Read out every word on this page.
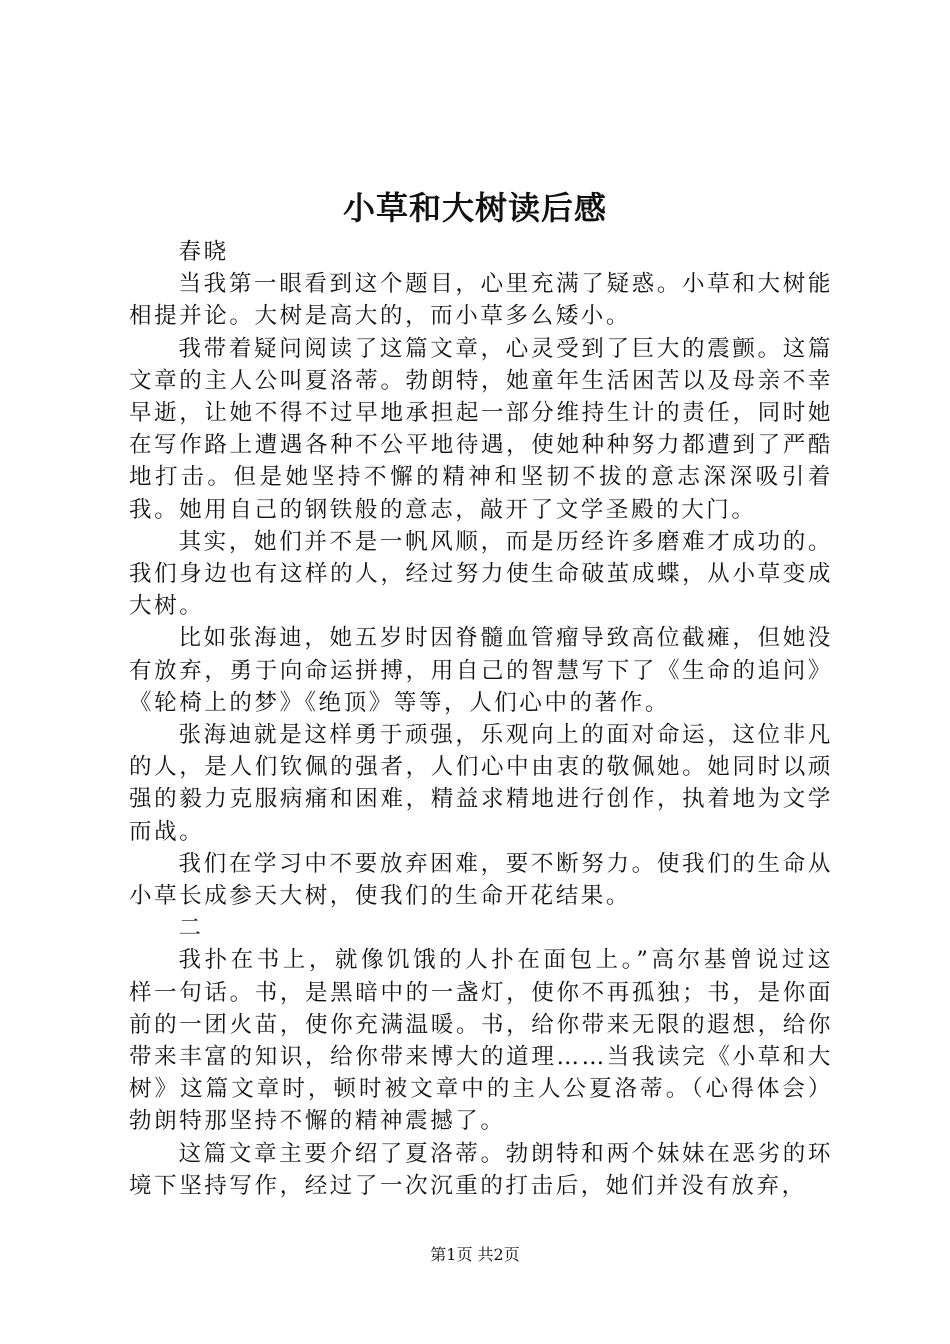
小草和大树读后感

春晓

当我第一眼看到这个题目，心里充满了疑惑。小草和大树能相提并论。大树是高大的，而小草多么矮小。

我带着疑问阅读了这篇文章，心灵受到了巨大的震颤。这篇文章的主人公叫夏洛蒂。勃朗特，她童年生活困苦以及母亲不幸早逝，让她不得不过早地承担起一部分维持生计的责任，同时她在写作路上遭遇各种不公平地待遇，使她种种努力都遭到了严酷地打击。但是她坚持不懈的精神和坚韧不拔的意志深深吸引着我。她用自己的钢铁般的意志，敲开了文学圣殿的大门。

其实，她们并不是一帆风顺，而是历经许多磨难才成功的。我们身边也有这样的人，经过努力使生命破茧成蝶，从小草变成大树。

比如张海迪，她五岁时因脊髓血管瘤导致高位截瘫，但她没有放弃，勇于向命运拼搏，用自己的智慧写下了《生命的追问》《轮椅上的梦》《绝顶》等等，人们心中的著作。

张海迪就是这样勇于顽强，乐观向上的面对命运，这位非凡的人，是人们钦佩的强者，人们心中由衷的敬佩她。她同时以顽强的毅力克服病痛和困难，精益求精地进行创作，执着地为文学而战。

我们在学习中不要放弃困难，要不断努力。使我们的生命从小草长成参天大树，使我们的生命开花结果。

二

我扑在书上，就像饥饿的人扑在面包上。”高尔基曾说过这样一句话。书，是黑暗中的一盏灯，使你不再孤独；书，是你面前的一团火苗，使你充满温暖。书，给你带来无限的遐想，给你带来丰富的知识，给你带来博大的道理……当我读完《小草和大树》这篇文章时，顿时被文章中的主人公夏洛蒂。（心得体会）勃朗特那坚持不懈的精神震撼了。

这篇文章主要介绍了夏洛蒂。勃朗特和两个妹妹在恶劣的环境下坚持写作，经过了一次沉重的打击后，她们并没有放弃，

第1页 共2页
